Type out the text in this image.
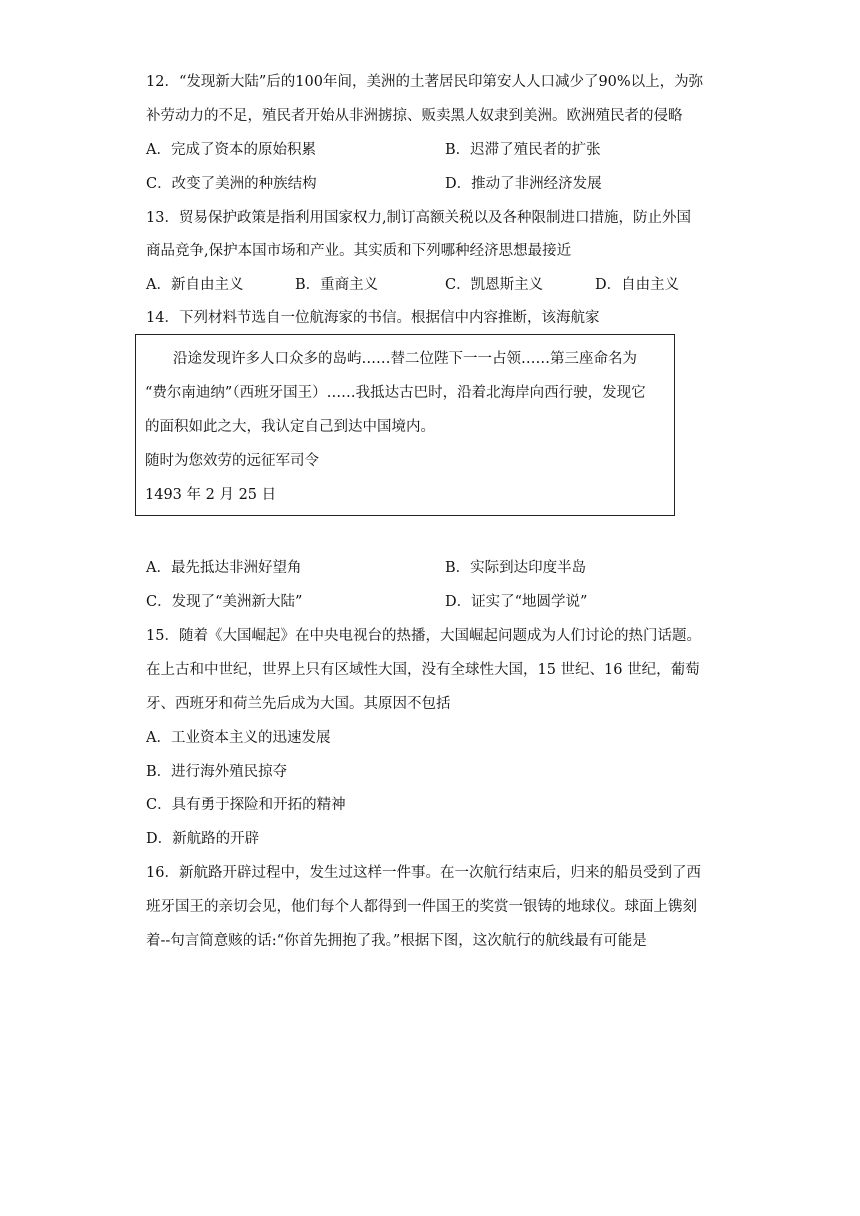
12．“发现新大陆”后的100年间，美洲的土著居民印第安人人口减少了90%以上，为弥
补劳动力的不足，殖民者开始从非洲掳掠、贩卖黑人奴隶到美洲。欧洲殖民者的侵略
A．完成了资本的原始积累	B．迟滞了殖民者的扩张
C．改变了美洲的种族结构	D．推动了非洲经济发展
13．贸易保护政策是指利用国家权力,制订高额关税以及各种限制进口措施，防止外国
商品竞争,保护本国市场和产业。其实质和下列哪种经济思想最接近
A．新自由主义	B．重商主义	C．凯恩斯主义	D．自由主义
14．下列材料节选自一位航海家的书信。根据信中内容推断，该海航家
沿途发现许多人口众多的岛屿……替二位陛下一一占领……第三座命名为
“费尔南迪纳”（西班牙国王）……我抵达古巴时，沿着北海岸向西行驶，发现它
的面积如此之大，我认定自己到达中国境内。
随时为您效劳的远征军司令
1493 年 2 月 25 日
A．最先抵达非洲好望角	B．实际到达印度半岛
C．发现了“美洲新大陆”	D．证实了“地圆学说”
15．随着《大国崛起》在中央电视台的热播，大国崛起问题成为人们讨论的热门话题。
在上古和中世纪，世界上只有区域性大国，没有全球性大国，15 世纪、16 世纪，葡萄
牙、西班牙和荷兰先后成为大国。其原因不包括
A．工业资本主义的迅速发展
B．进行海外殖民掠夺
C．具有勇于探险和开拓的精神
D．新航路的开辟
16．新航路开辟过程中，发生过这样一件事。在一次航行结束后，归来的船员受到了西
班牙国王的亲切会见，他们每个人都得到一件国王的奖赏一银铸的地球仪。球面上镌刻
着--句言简意赅的话:“你首先拥抱了我。”根据下图，这次航行的航线最有可能是
